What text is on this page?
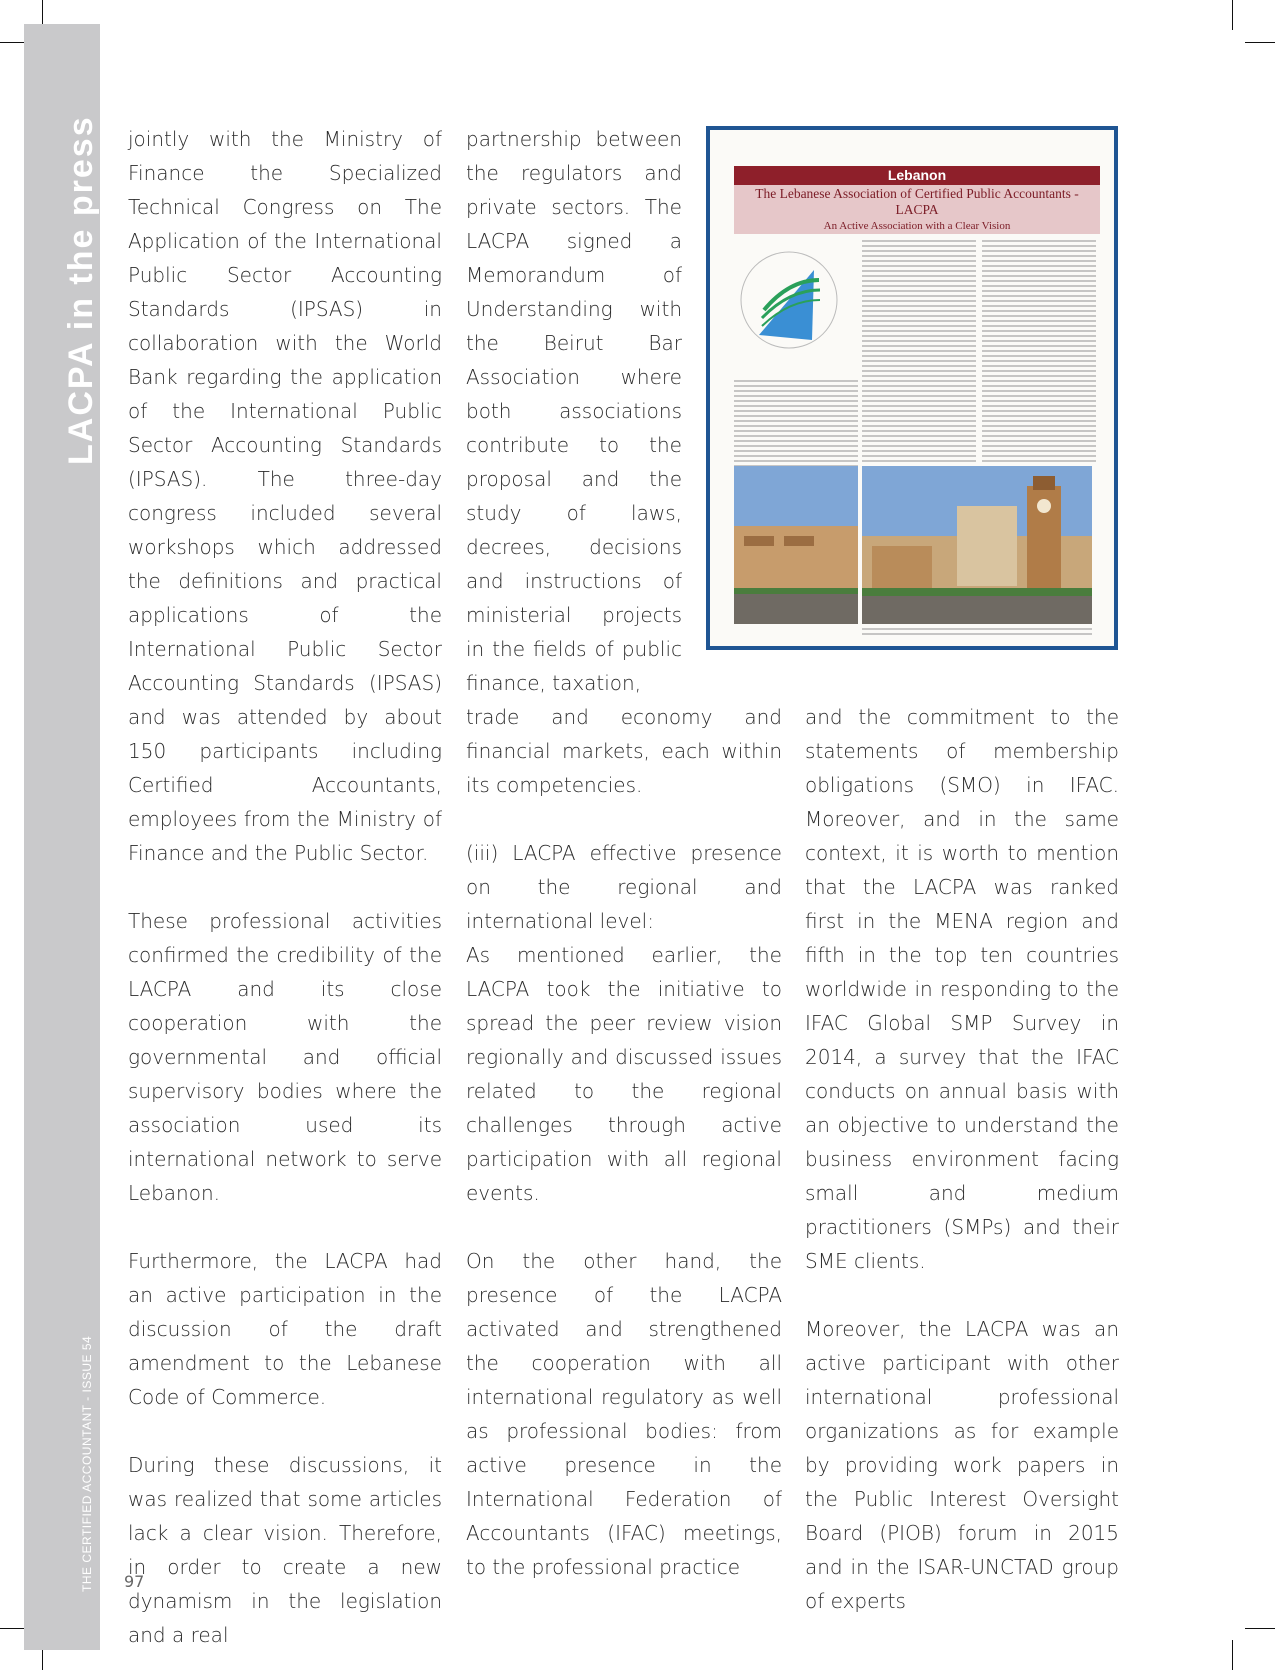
LACPA in the press
THE CERTIFIED ACCOUNTANT - ISSUE 54

jointly with the Ministry of Finance the Specialized Technical Congress on The Application of the International Public Sector Accounting Standards (IPSAS) in collaboration with the World Bank regarding the application of the International Public Sector Accounting Standards (IPSAS). The three-day congress included several workshops which addressed the definitions and practical applications of the International Public Sector Accounting Standards (IPSAS) and was attended by about 150 participants including Certified Accountants, employees from the Ministry of Finance and the Public Sector.

These professional activities confirmed the credibility of the LACPA and its close cooperation with the governmental and official supervisory bodies where the association used its international network to serve Lebanon.

Furthermore, the LACPA had an active participation in the discussion of the draft amendment to the Lebanese Code of Commerce.

During these discussions, it was realized that some articles lack a clear vision. Therefore, in order to create a new dynamism in the legislation and a real

partnership between the regulators and private sectors. The LACPA signed a Memorandum of Understanding with the Beirut Bar Association where both associations contribute to the proposal and the study of laws, decrees, decisions and instructions of ministerial projects in the fields of public finance, taxation,

Lebanon
The Lebanese Association of Certified Public Accountants - LACPA
An Active Association with a Clear Vision

trade and economy and financial markets, each within its competencies.

(iii) LACPA effective presence on the regional and international level:

As mentioned earlier, the LACPA took the initiative to spread the peer review vision regionally and discussed issues related to the regional challenges through active participation with all regional events.

On the other hand, the presence of the LACPA activated and strengthened the cooperation with all international regulatory as well as professional bodies: from active presence in the International Federation of Accountants (IFAC) meetings, to the professional practice

and the commitment to the statements of membership obligations (SMO) in IFAC. Moreover, and in the same context, it is worth to mention that the LACPA was ranked first in the MENA region and fifth in the top ten countries worldwide in responding to the IFAC Global SMP Survey in 2014, a survey that the IFAC conducts on annual basis with an objective to understand the business environment facing small and medium practitioners (SMPs) and their SME clients.

Moreover, the LACPA was an active participant with other international professional organizations as for example by providing work papers in the Public Interest Oversight Board (PIOB) forum in 2015 and in the ISAR-UNCTAD group of experts

97
